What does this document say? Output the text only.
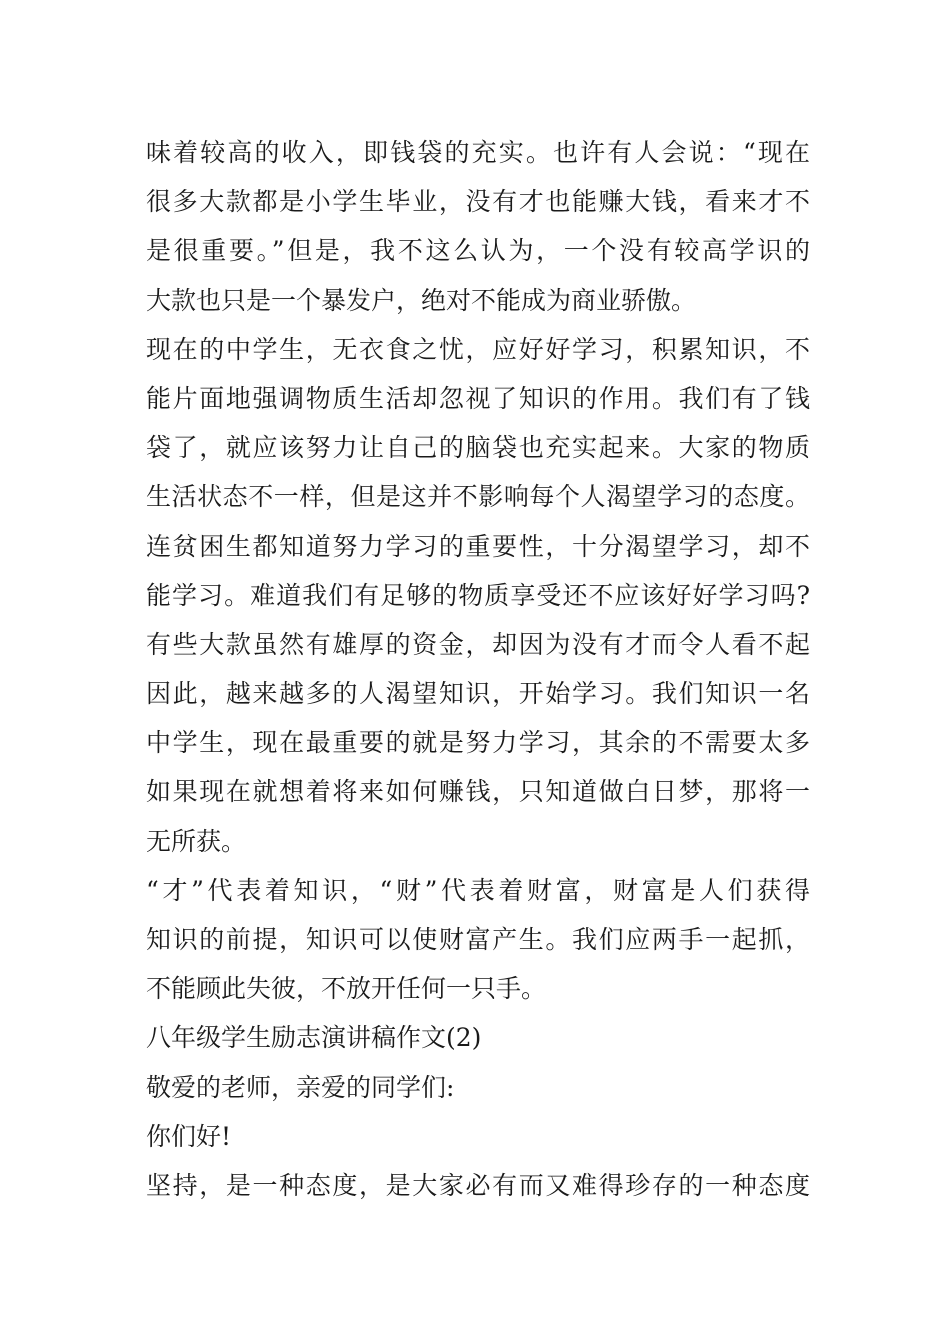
味着较高的收入，即钱袋的充实。也许有人会说：“现在
很多大款都是小学生毕业，没有才也能赚大钱，看来才不
是很重要。”但是，我不这么认为，一个没有较高学识的
大款也只是一个暴发户，绝对不能成为商业骄傲。
现在的中学生，无衣食之忧，应好好学习，积累知识，不
能片面地强调物质生活却忽视了知识的作用。我们有了钱
袋了，就应该努力让自己的脑袋也充实起来。大家的物质
生活状态不一样，但是这并不影响每个人渴望学习的态度。
连贫困生都知道努力学习的重要性，十分渴望学习，却不
能学习。难道我们有足够的物质享受还不应该好好学习吗?
有些大款虽然有雄厚的资金，却因为没有才而令人看不起
因此，越来越多的人渴望知识，开始学习。我们知识一名
中学生，现在最重要的就是努力学习，其余的不需要太多
如果现在就想着将来如何赚钱，只知道做白日梦，那将一
无所获。
“才”代表着知识，“财”代表着财富，财富是人们获得
知识的前提，知识可以使财富产生。我们应两手一起抓，
不能顾此失彼，不放开任何一只手。
八年级学生励志演讲稿作文(2)
敬爱的老师，亲爱的同学们:
你们好!
坚持，是一种态度，是大家必有而又难得珍存的一种态度
